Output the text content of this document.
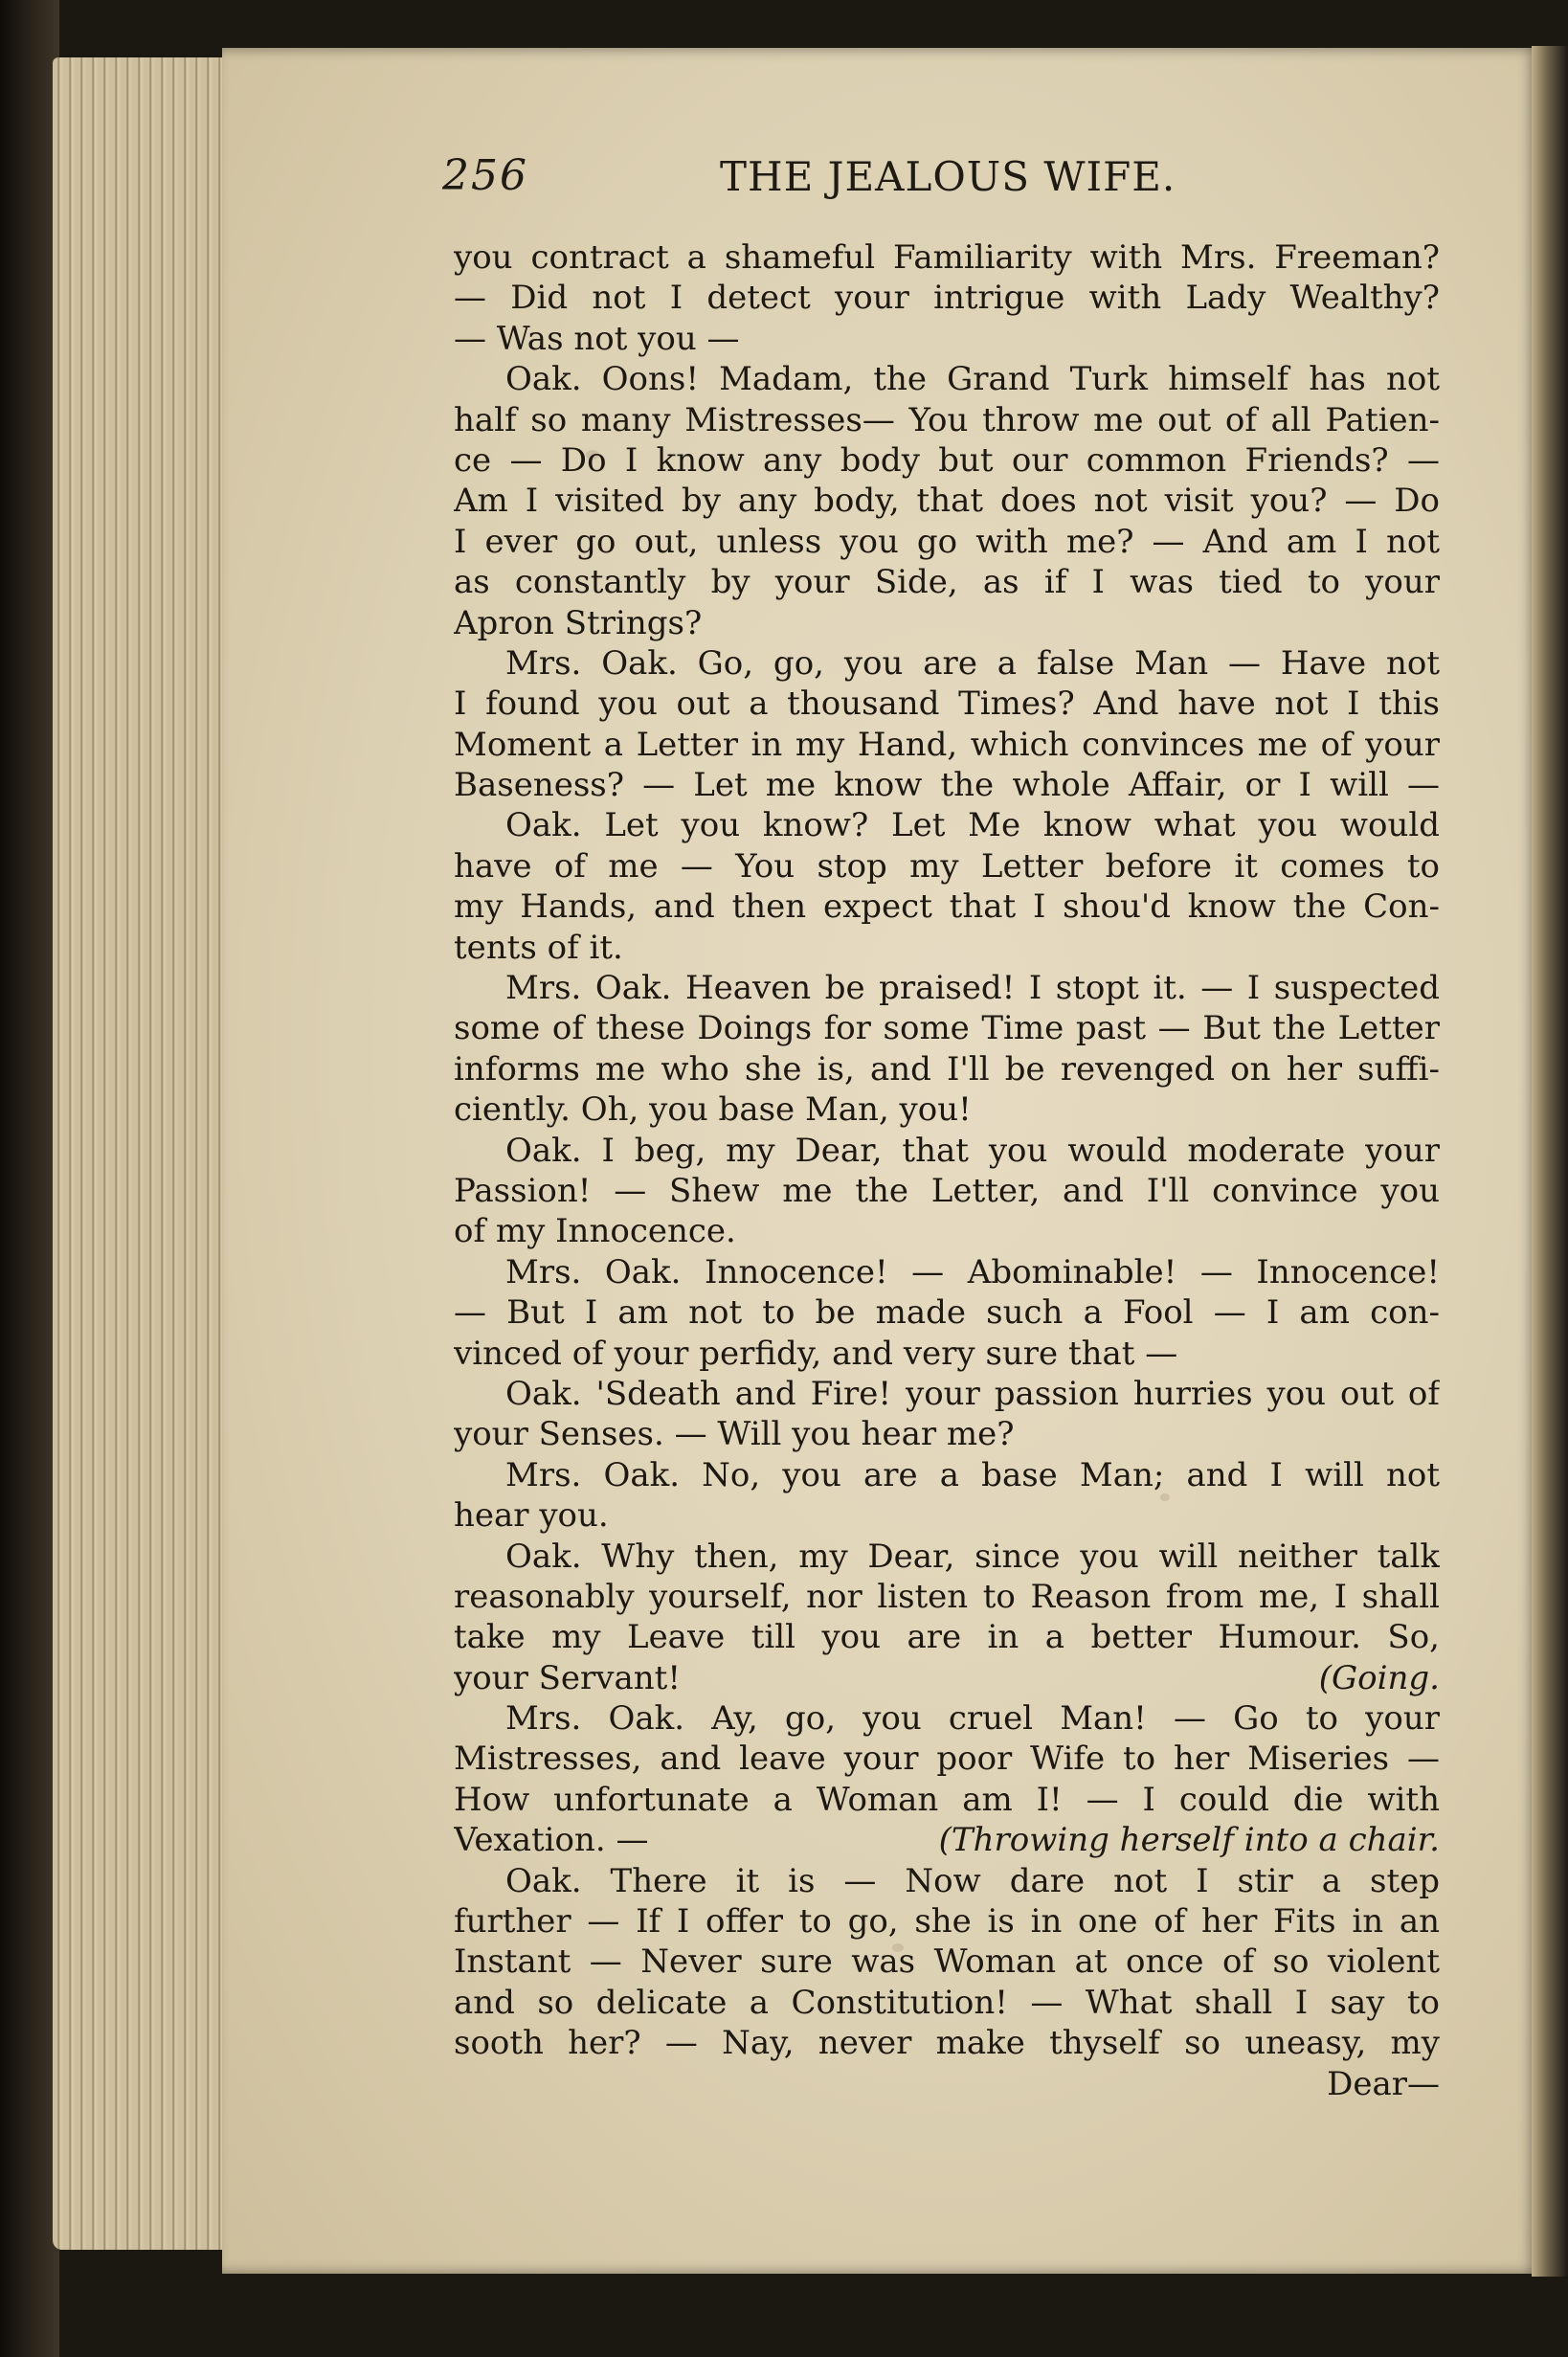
256	THE JEALOUS WIFE.
you contract a shameful Familiarity with Mrs. Freeman?
— Did not I detect your intrigue with Lady Wealthy?
— Was not you —
Oak. Oons! Madam, the Grand Turk himself has not
half so many Mistresses— You throw me out of all Patien-
ce — Do I know any body but our common Friends? —
Am I visited by any body, that does not visit you? — Do
I ever go out, unless you go with me? — And am I not
as constantly by your Side, as if I was tied to your
Apron Strings?
Mrs. Oak. Go, go, you are a false Man — Have not
I found you out a thousand Times? And have not I this
Moment a Letter in my Hand, which convinces me of your
Baseness? — Let me know the whole Affair, or I will —
Oak. Let you know? Let Me know what you would
have of me — You stop my Letter before it comes to
my Hands, and then expect that I shou'd know the Con-
tents of it.
Mrs. Oak. Heaven be praised! I stopt it. — I suspected
some of these Doings for some Time past — But the Letter
informs me who she is, and I'll be revenged on her suffi-
ciently. Oh, you base Man, you!
Oak. I beg, my Dear, that you would moderate your
Passion! — Shew me the Letter, and I'll convince you
of my Innocence.
Mrs. Oak. Innocence! — Abominable! — Innocence!
— But I am not to be made such a Fool — I am con-
vinced of your perfidy, and very sure that —
Oak. 'Sdeath and Fire! your passion hurries you out of
your Senses. — Will you hear me?
Mrs. Oak. No, you are a base Man; and I will not
hear you.
Oak. Why then, my Dear, since you will neither talk
reasonably yourself, nor listen to Reason from me, I shall
take my Leave till you are in a better Humour. So,
your Servant!	(Going.
Mrs. Oak. Ay, go, you cruel Man! — Go to your
Mistresses, and leave your poor Wife to her Miseries —
How unfortunate a Woman am I! — I could die with
Vexation. —	(Throwing herself into a chair.
Oak. There it is — Now dare not I stir a step
further — If I offer to go, she is in one of her Fits in an
Instant — Never sure was Woman at once of so violent
and so delicate a Constitution! — What shall I say to
sooth her? — Nay, never make thyself so uneasy, my
Dear—
